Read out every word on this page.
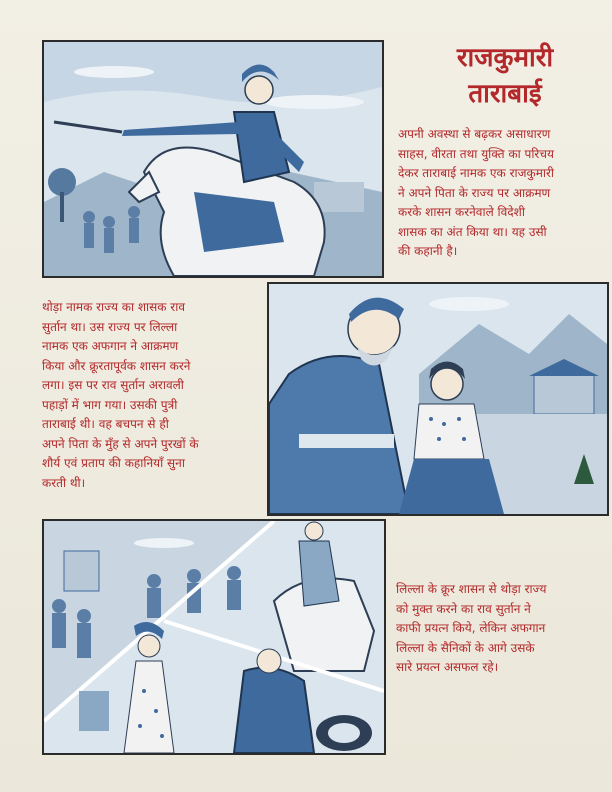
राजकुमारी
ताराबाई
अपनी अवस्था से बढ़कर असाधारण
साहस, वीरता तथा युक्ति का परिचय
देकर ताराबाई नामक एक राजकुमारी
ने अपने पिता के राज्य पर आक्रमण
करके शासन करनेवाले विदेशी
शासक का अंत किया था। यह उसी
की कहानी है।
थोड़ा नामक राज्य का शासक राव
सुर्तान था। उस राज्य पर लिल्ला
नामक एक अफगान ने आक्रमण
किया और क्रूरतापूर्वक शासन करने
लगा। इस पर राव सुर्तान अरावली
पहाड़ों में भाग गया। उसकी पुत्री
ताराबाई थी। वह बचपन से ही
अपने पिता के मुँह से अपने पुरखों के
शौर्य एवं प्रताप की कहानियाँ सुना
करती थी।
लिल्ला के क्रूर शासन से थोड़ा राज्य
को मुक्त करने का राव सुर्तान ने
काफी प्रयत्न किये, लेकिन अफगान
लिल्ला के सैनिकों के आगे उसके
सारे प्रयत्न असफल रहे।
